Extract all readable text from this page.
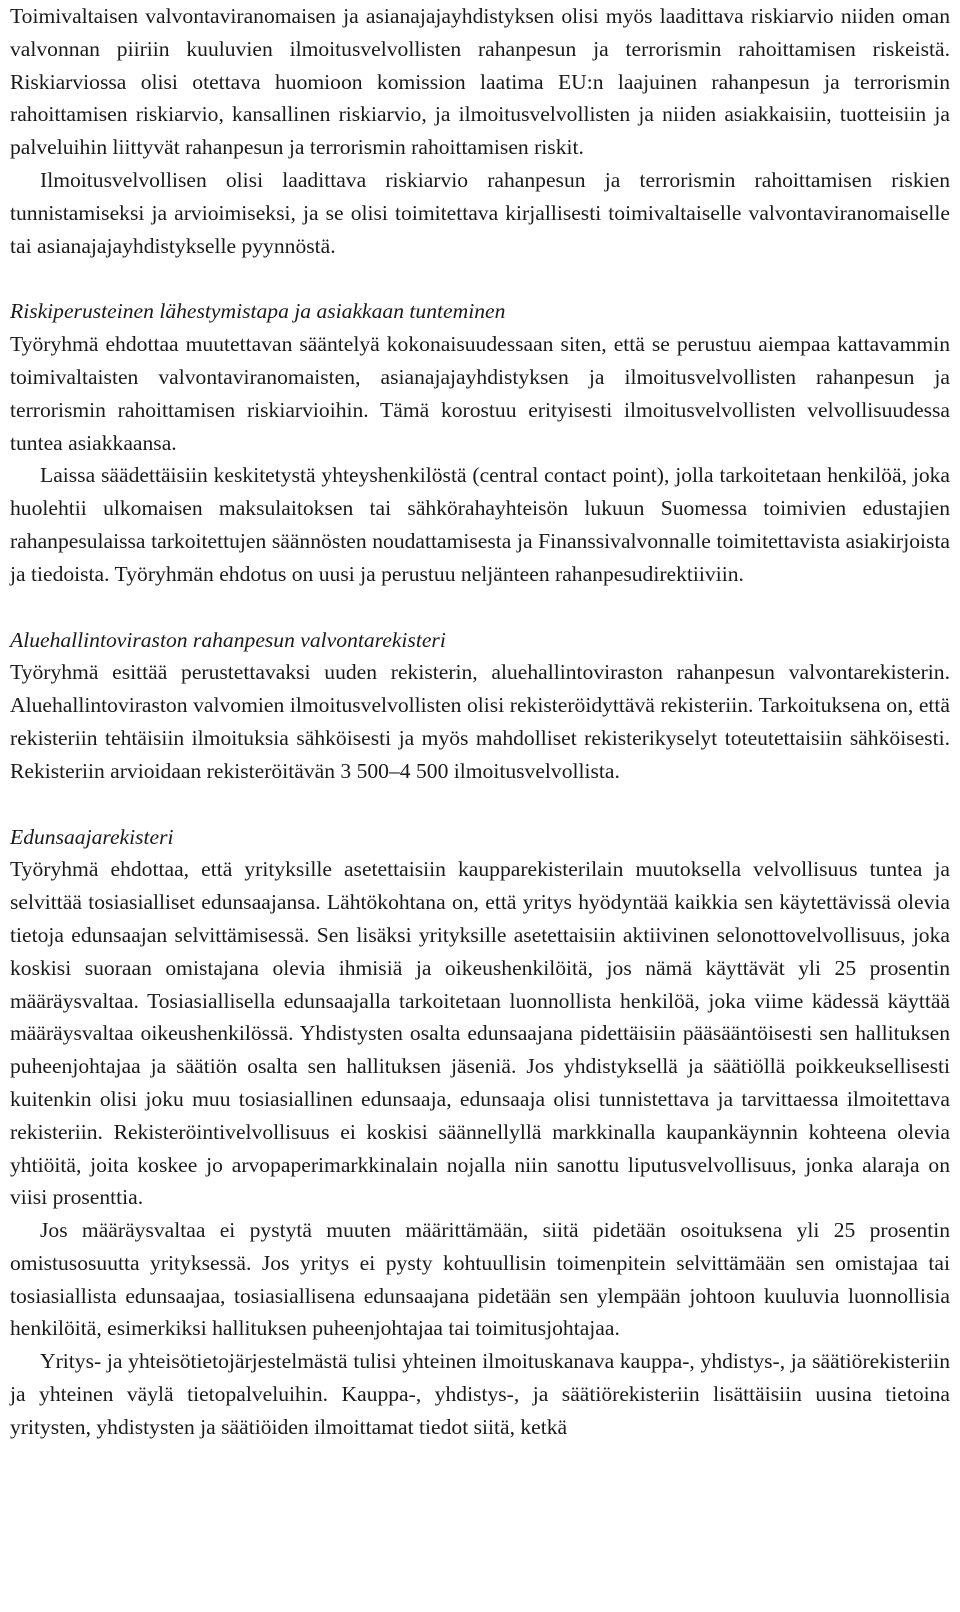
Toimivaltaisen valvontaviranomaisen ja asianajajayhdistyksen olisi myös laadittava riskiarvio niiden oman valvonnan piiriin kuuluvien ilmoitusvelvollisten rahanpesun ja terrorismin rahoittamisen riskeistä. Riskiarviossa olisi otettava huomioon komission laatima EU:n laajuinen rahanpesun ja terrorismin rahoittamisen riskiarvio, kansallinen riskiarvio, ja ilmoitusvelvollisten ja niiden asiakkaisiin, tuotteisiin ja palveluihin liittyvät rahanpesun ja terrorismin rahoittamisen riskit.

Ilmoitusvelvollisen olisi laadittava riskiarvio rahanpesun ja terrorismin rahoittamisen riskien tunnistamiseksi ja arvioimiseksi, ja se olisi toimitettava kirjallisesti toimivaltaiselle valvontaviranomaiselle tai asianajajayhdistykselle pyynnöstä.

Riskiperusteinen lähestymistapa ja asiakkaan tunteminen

Työryhmä ehdottaa muutettavan sääntelyä kokonaisuudessaan siten, että se perustuu aiempaa kattavammin toimivaltaisten valvontaviranomaisten, asianajajayhdistyksen ja ilmoitusvelvollisten rahanpesun ja terrorismin rahoittamisen riskiarvioihin. Tämä korostuu erityisesti ilmoitusvelvollisten velvollisuudessa tuntea asiakkaansa.

Laissa säädettäisiin keskitetystä yhteyshenkilöstä (central contact point), jolla tarkoitetaan henkilöä, joka huolehtii ulkomaisen maksulaitoksen tai sähkörahayhteisön lukuun Suomessa toimivien edustajien rahanpesulaissa tarkoitettujen säännösten noudattamisesta ja Finanssivalvonnalle toimitettavista asiakirjoista ja tiedoista. Työryhmän ehdotus on uusi ja perustuu neljänteen rahanpesudirektiiviin.

Aluehallintoviraston rahanpesun valvontarekisteri

Työryhmä esittää perustettavaksi uuden rekisterin, aluehallintoviraston rahanpesun valvontarekisterin. Aluehallintoviraston valvomien ilmoitusvelvollisten olisi rekisteröidyttävä rekisteriin. Tarkoituksena on, että rekisteriin tehtäisiin ilmoituksia sähköisesti ja myös mahdolliset rekisterikyselyt toteutettaisiin sähköisesti. Rekisteriin arvioidaan rekisteröitävän 3 500–4 500 ilmoitusvelvollista.

Edunsaajarekisteri

Työryhmä ehdottaa, että yrityksille asetettaisiin kaupparekisterilain muutoksella velvollisuus tuntea ja selvittää tosiasialliset edunsaajansa. Lähtökohtana on, että yritys hyödyntää kaikkia sen käytettävissä olevia tietoja edunsaajan selvittämisessä. Sen lisäksi yrityksille asetettaisiin aktiivinen selonottovelvollisuus, joka koskisi suoraan omistajana olevia ihmisiä ja oikeushenkilöitä, jos nämä käyttävät yli 25 prosentin määräysvaltaa. Tosiasiallisella edunsaajalla tarkoitetaan luonnollista henkilöä, joka viime kädessä käyttää määräysvaltaa oikeushenkilössä. Yhdistysten osalta edunsaajana pidettäisiin pääsääntöisesti sen hallituksen puheenjohtajaa ja säätiön osalta sen hallituksen jäseniä. Jos yhdistyksellä ja säätiöllä poikkeuksellisesti kuitenkin olisi joku muu tosiasiallinen edunsaaja, edunsaaja olisi tunnistettava ja tarvittaessa ilmoitettava rekisteriin. Rekisteröintivelvollisuus ei koskisi säännellyllä markkinalla kaupankäynnin kohteena olevia yhtiöitä, joita koskee jo arvopaperimarkkinalain nojalla niin sanottu liputusvelvollisuus, jonka alaraja on viisi prosenttia.

Jos määräysvaltaa ei pystytä muuten määrittämään, siitä pidetään osoituksena yli 25 prosentin omistusosuutta yrityksessä. Jos yritys ei pysty kohtuullisin toimenpitein selvittämään sen omistajaa tai tosiasiallista edunsaajaa, tosiasiallisena edunsaajana pidetään sen ylempään johtoon kuuluvia luonnollisia henkilöitä, esimerkiksi hallituksen puheenjohtajaa tai toimitusjohtajaa.

Yritys- ja yhteisötietojärjestelmästä tulisi yhteinen ilmoituskanava kauppa-, yhdistys-, ja säätiörekisteriin ja yhteinen väylä tietopalveluihin. Kauppa-, yhdistys-, ja säätiörekisteriin lisättäisiin uusina tietoina yritysten, yhdistysten ja säätiöiden ilmoittamat tiedot siitä, ketkä
